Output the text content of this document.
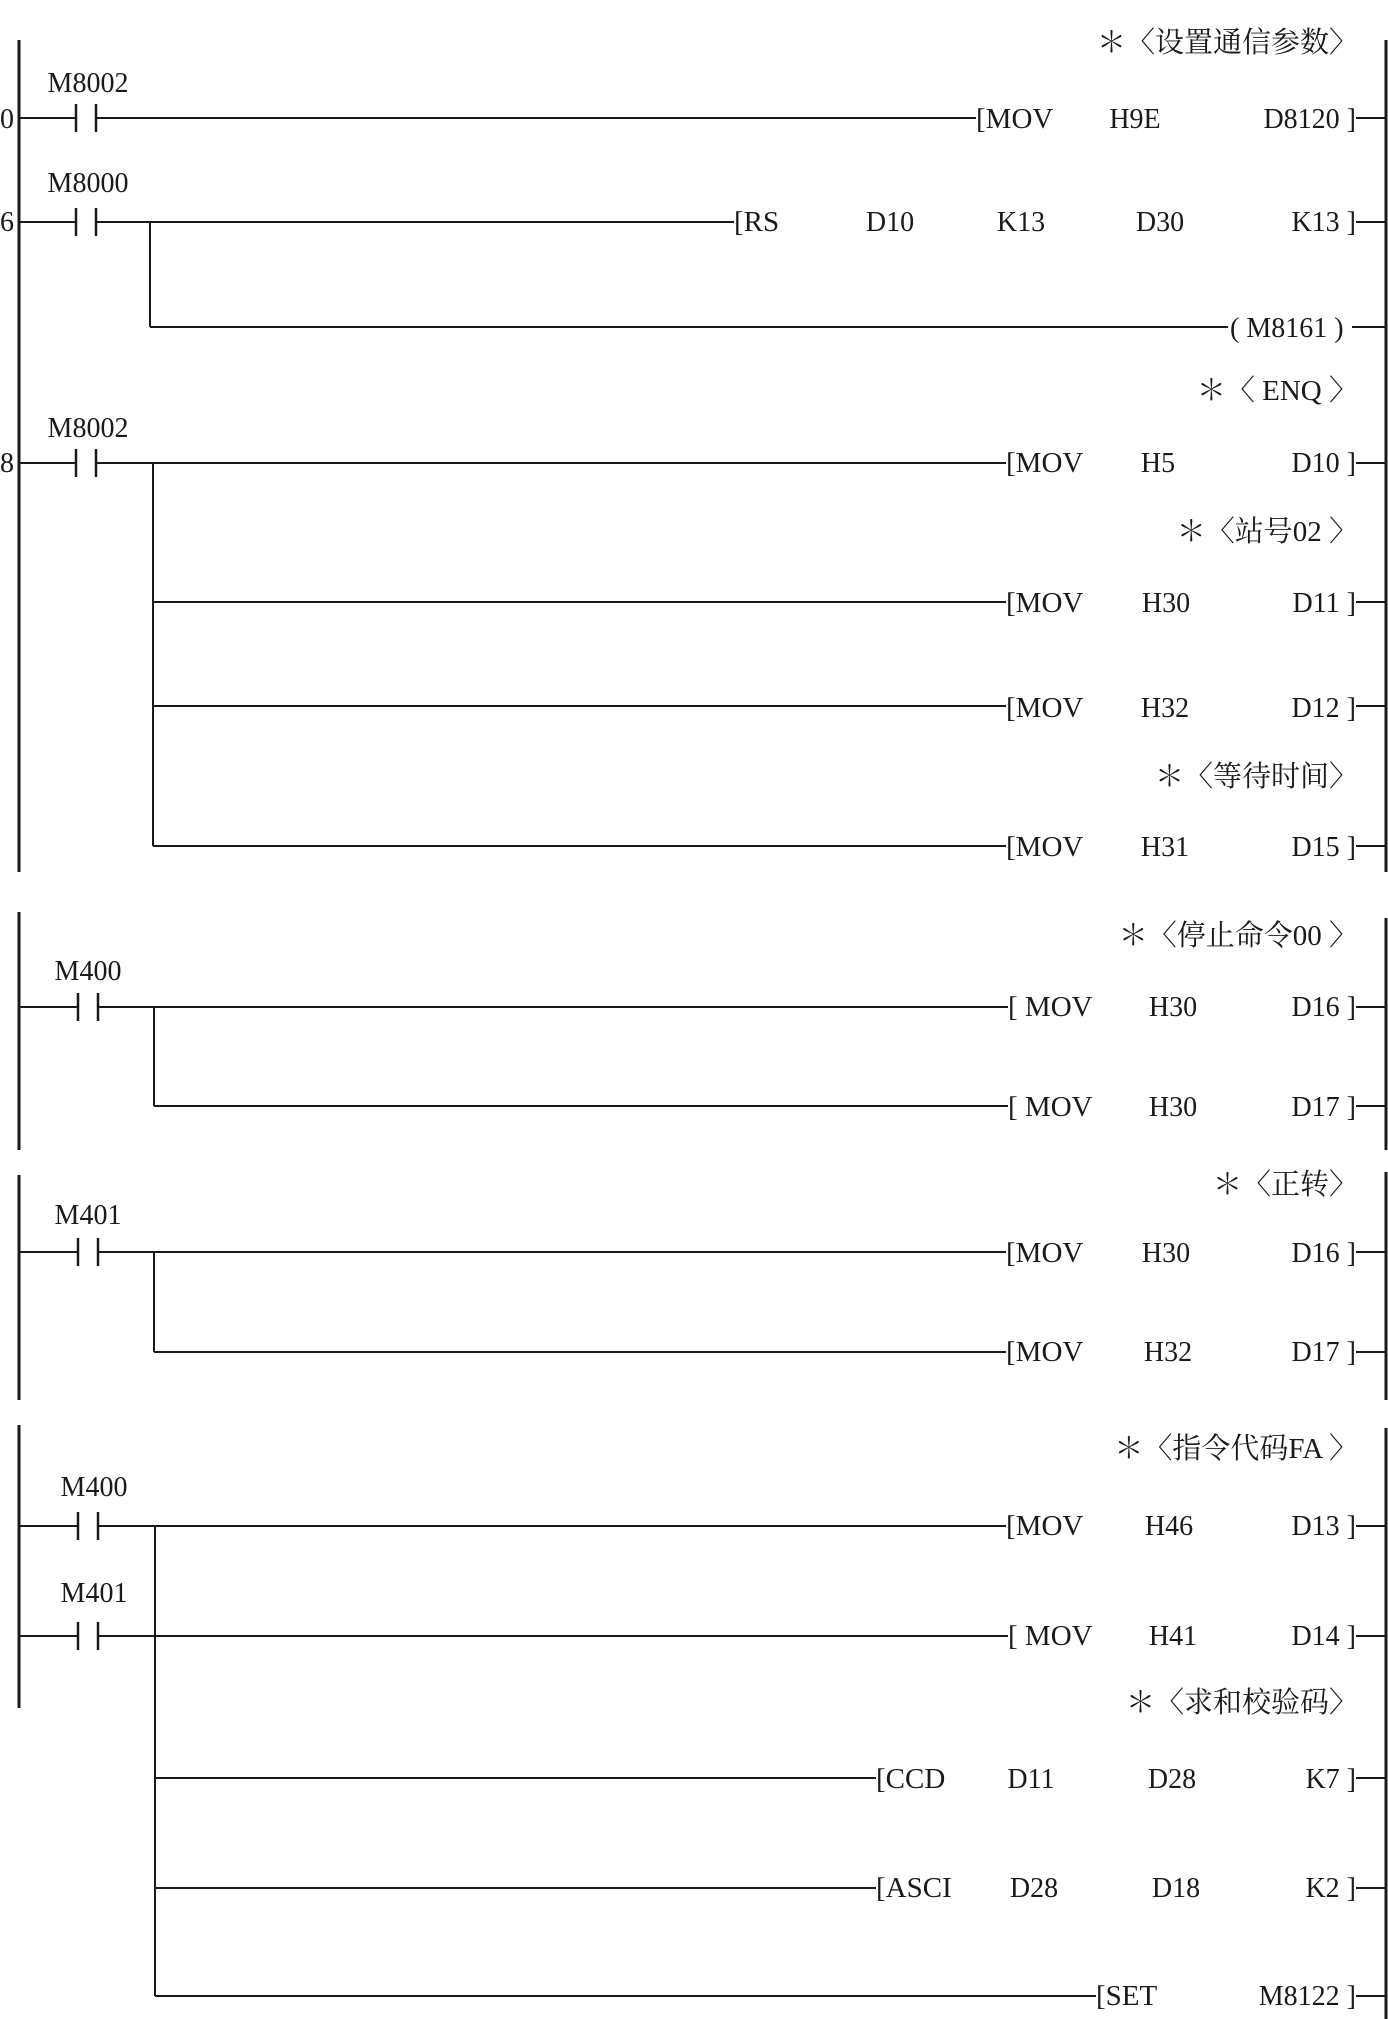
0
＊〈设置通信参数〉
M8002
[MOV H9E	D8120 ]
6
M8000
[RS	D10	K13	D30	K13 ]
( M8161 )
8
M8002
＊〈 ENQ 〉
[MOV H5	D10 ]
＊〈站号02 〉
[MOV H30	D11 ]
[MOV H32	D12 ]
＊〈等待时间〉
[MOV H31	D15 ]
M400
＊〈停止命令00 〉
[ MOV H30	D16 ]
[ MOV H30	D17 ]
M401
＊〈正转〉
[MOV H30	D16 ]
[MOV H32	D17 ]
M400
M401
＊〈指令代码FA 〉
[MOV H46	D13 ]
[ MOV H41	D14 ]
＊〈求和校验码〉
[CCD D11	D28	K7 ]
[ASCI D28	D18	K2 ]
[SET	M8122 ]
